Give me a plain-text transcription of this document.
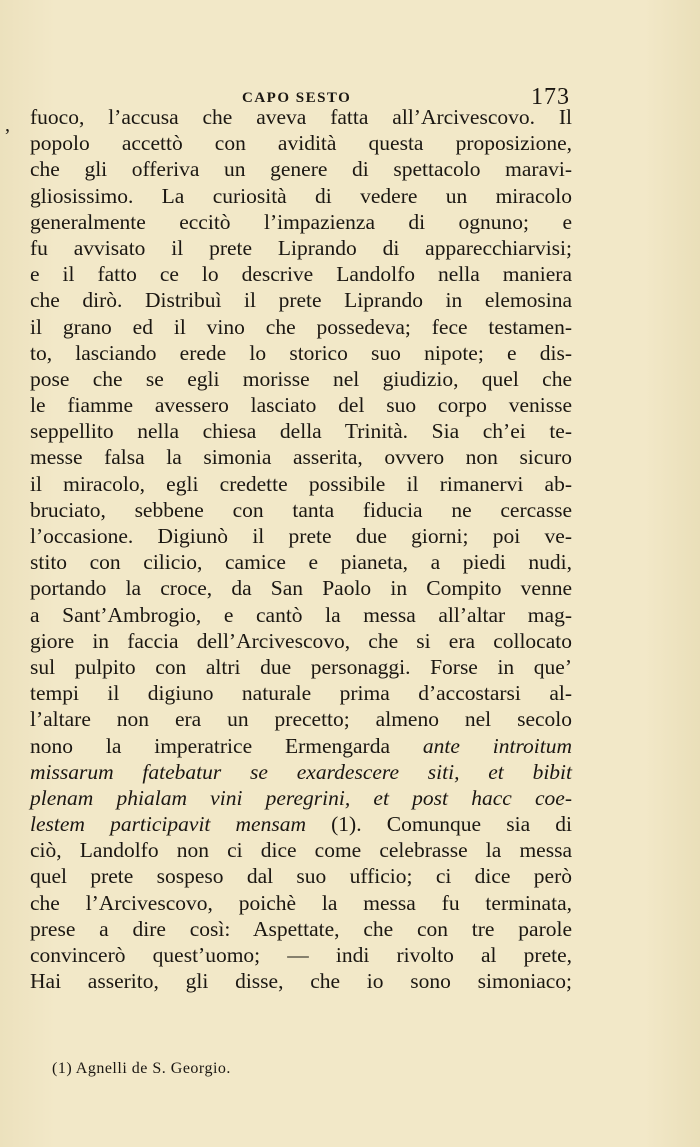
CAPO SESTO	173
, fuoco, l’accusa che aveva fatta all’Arcivescovo. Il
popolo accettò con avidità questa proposizione,
che gli offeriva un genere di spettacolo maravi-
gliosissimo. La curiosità di vedere un miracolo
generalmente eccitò l’impazienza di ognuno; e
fu avvisato il prete Liprando di apparecchiarvisi;
e il fatto ce lo descrive Landolfo nella maniera
che dirò. Distribuì il prete Liprando in elemosina
il grano ed il vino che possedeva; fece testamen-
to, lasciando erede lo storico suo nipote; e dis-
pose che se egli morisse nel giudizio, quel che
le fiamme avessero lasciato del suo corpo venisse
seppellito nella chiesa della Trinità. Sia ch’ei te-
messe falsa la simonia asserita, ovvero non sicuro
il miracolo, egli credette possibile il rimanervi ab-
bruciato, sebbene con tanta fiducia ne cercasse
l’occasione. Digiunò il prete due giorni; poi ve-
stito con cilicio, camice e pianeta, a piedi nudi,
portando la croce, da San Paolo in Compito venne
a Sant’Ambrogio, e cantò la messa all’altar mag-
giore in faccia dell’Arcivescovo, che si era collocato
sul pulpito con altri due personaggi. Forse in que’
tempi il digiuno naturale prima d’accostarsi al-
l’altare non era un precetto; almeno nel secolo
nono la imperatrice Ermengarda ante introitum
missarum fatebatur se exardescere siti, et bibit
plenam phialam vini peregrini, et post hacc coe-
lestem participavit mensam (1). Comunque sia di
ciò, Landolfo non ci dice come celebrasse la messa
quel prete sospeso dal suo ufficio; ci dice però
che l’Arcivescovo, poichè la messa fu terminata,
prese a dire così: Aspettate, che con tre parole
convincerò quest’uomo; — indi rivolto al prete,
Hai asserito, gli disse, che io sono simoniaco;
(1) Agnelli de S. Georgio.
